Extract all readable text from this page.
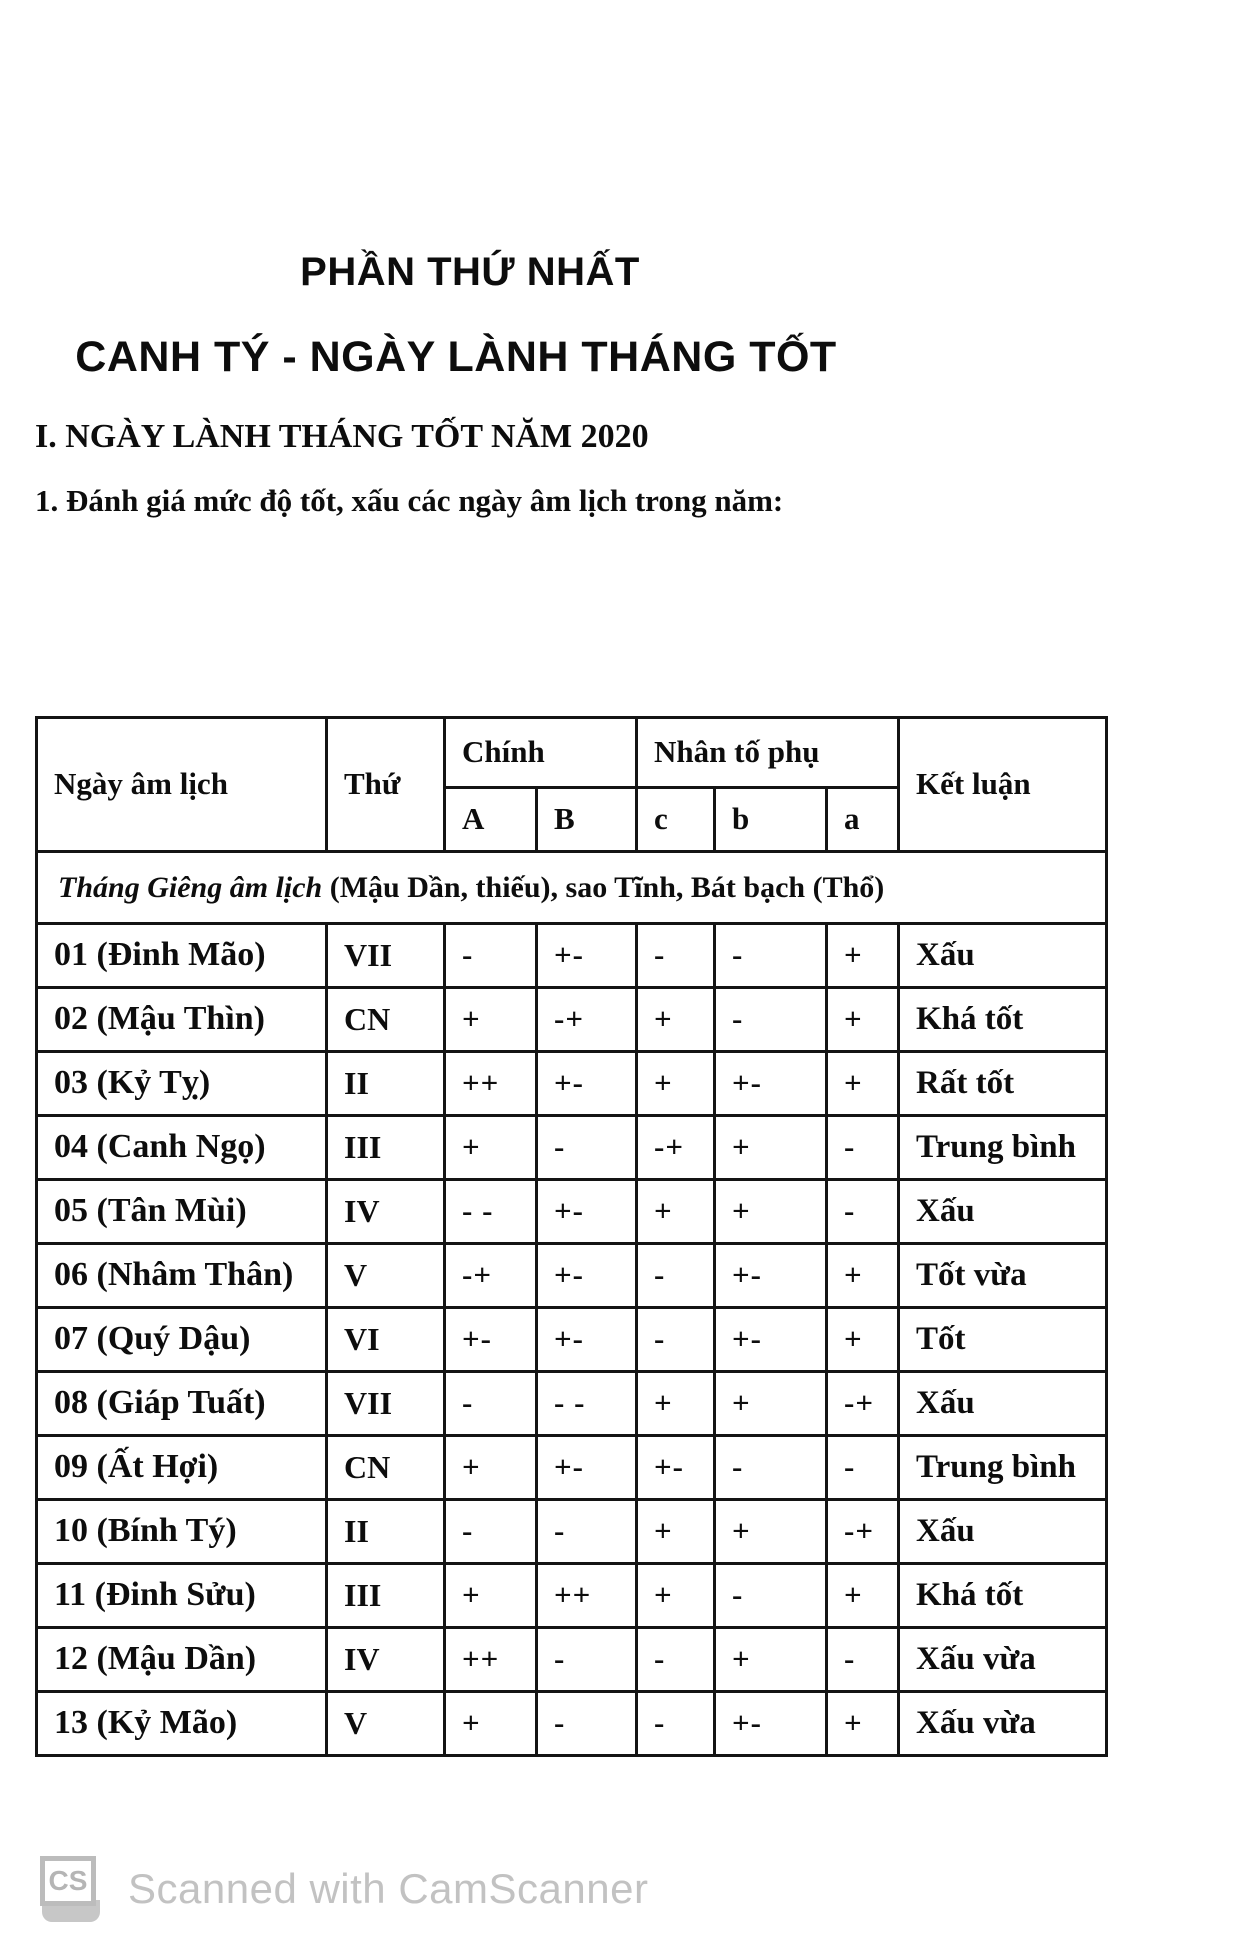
PHẦN THỨ NHẤT
CANH TÝ - NGÀY LÀNH THÁNG TỐT
I. NGÀY LÀNH THÁNG TỐT NĂM 2020
1. Đánh giá mức độ tốt, xấu các ngày âm lịch trong năm:
Ngày âm lịch	Thứ	Chính		Nhân tố phụ			Kết luận
		A	B	c	b	a	
Tháng Giêng âm lịch (Mậu Dần, thiếu), sao Tĩnh, Bát bạch (Thổ)							
01 (Đinh Mão)	VII	-	+-	-	-	+	Xấu
02 (Mậu Thìn)	CN	+	-+	+	-	+	Khá tốt
03 (Kỷ Tỵ)	II	++	+-	+	+-	+	Rất tốt
04 (Canh Ngọ)	III	+	-	-+	+	-	Trung bình
05 (Tân Mùi)	IV	- -	+-	+	+	-	Xấu
06 (Nhâm Thân)	V	-+	+-	-	+-	+	Tốt vừa
07 (Quý Dậu)	VI	+-	+-	-	+-	+	Tốt
08 (Giáp Tuất)	VII	-	- -	+	+	-+	Xấu
09 (Ất Hợi)	CN	+	+-	+-	-	-	Trung bình
10 (Bính Tý)	II	-	-	+	+	-+	Xấu
11 (Đinh Sửu)	III	+	++	+	-	+	Khá tốt
12 (Mậu Dần)	IV	++	-	-	+	-	Xấu vừa
13 (Kỷ Mão)	V	+	-	-	+-	+	Xấu vừa
CS Scanned with CamScanner
